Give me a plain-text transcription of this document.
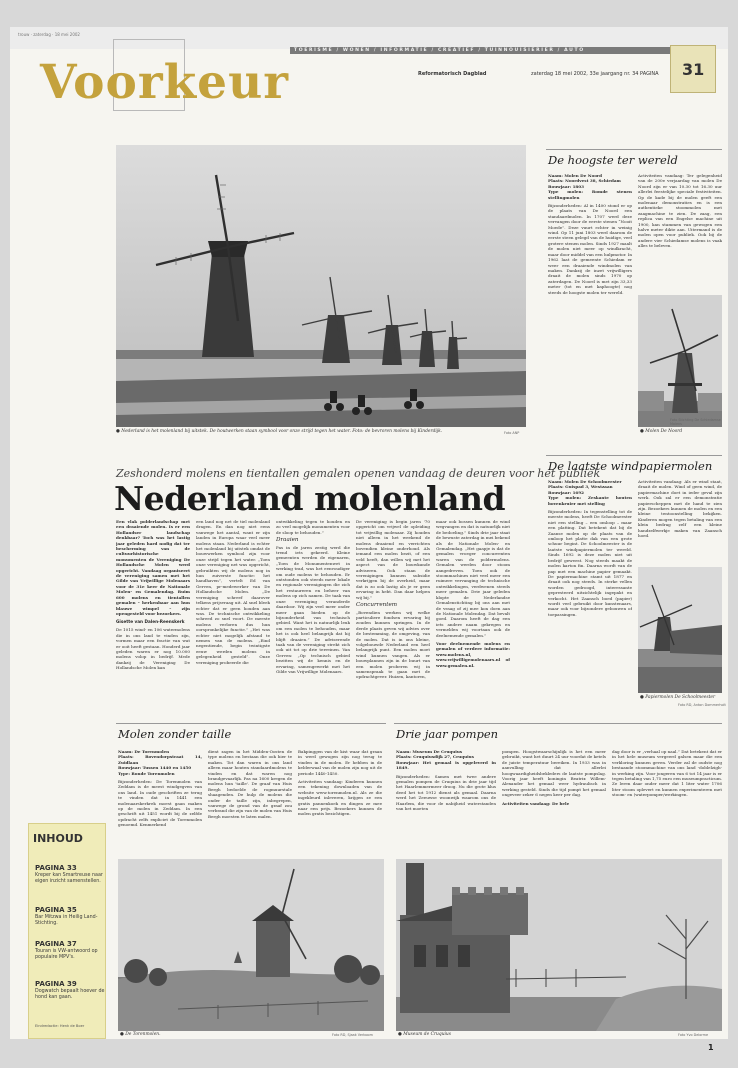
trouw · zaterdag · 18 mei 2002
TOERISME / WONEN / INFORMATIE / CREATIEF / TUINNOUISIERIER / AUTO
Voorkeur	Reformatorisch Dagblad	zaterdag 18 mei 2002, 33e jaargang nr. 34 PAGINA 31
● Nederland is het molenland bij uitstek. De houtwerken staan symbool voor onze strijd tegen het water. Foto: de bevroren molens bij Kinderdijk.	Foto ANP
Zeshonderd molens en tientallen gemalen openen vandaag de deuren voor het publiek
Nederland molenland

Een vlak polderlandschap met een draaiende molen. Is er een Hollandser landschap denkbaar? Toch was het lastig jaar geleden hard nodig dat ter bescherming van de cultuurhistorische monumenten de Vereniging De Hollandsche Molen werd opgericht. Vandaag organiseert de vereniging samen met het Gilde van Vrijwillige Molenaars voor de 31e keer de Nationale Molen- en Gemalendag. Ruim 600 molens en tientallen gemalen – herkenbaar aan hun blauwe wimpel – zijn opengesteld voor bezoekers.

Gisette van Dalen-Reenskerk

De 1015 wind- en 106 watermolens die in ons land te vinden zijn, vormen maar een fractie van wat er ooit heeft gestaan. Honderd jaar geleden waren er nog 10.000 molens volop in bedrijf. Mede dankzij de Vereniging De Hollandsche Molen kan

een land nog net de tiel molenland dragen. En dan nog niet eens vanwege het aantal, want er zijn landen in Europa waar veel meer molens staan. Nederland is echter het molenland bij uitstek omdat de bouwwerken symbool zijn voor onze strijd tegen het water. „Toen onze vereniging net was opgericht, gebruikten wij de molens nog in hun zuiverste functie: het handhaven”, vertelt Ed van Gerven, pr-medewerker van De Hollandsche Molen. „De vereniging schreef daarover telkens prijsvraag uit. Al snel bleek echter dat er geen houden aan was. De technische ontwikkeling schreed zo snel voort. De meeste molens verloren dus hun oorspronkelijke functie.” „Het was echter niet mogelijk afstand te nemen van de molens. „Eind negentiende, begin twintigste eeuw werden molens in gelegenheid gesteld”. Onze vereniging probeerde die

ontwikkeling tegen te houden en zo veel mogelijk monumenten voor de sloop te behouden.”

Draaien

Pas in de jaren zestig werd die trend iets gekeerd. Kleine gemeenten werden de eigenaren, „Toen de Monumentenwet in werking trad, was het eenvoudiger om oude molens te behouden. Er ontstonden ook steeds meer lokale en regionale verenigingen die zich het restaureren en beheer van molens op zich namen. De taak van onze vereniging veranderde daardoor. Wij zijn veel meer onder meer gaan bieden op de bijzonderheid van technisch gebied. Want het is natuurlijk leuk om een molen te behouden, maar het is ook heel belangrijk dat hij blijft draaien.” De adviserende taak van de vereniging strekt zich ook uit tot op drie terreinen. Van Gerven: „Op technisch gebied bezitten wij de kennis en de ervaring, samengewerkt met het Gilde van Vrijwillige Molenaars.

De vereniging is begin jaren '70 opgericht om vrijwel de opleiding tot vrijwillig molenaar. Zij houden niet alleen in het weekend de molens draaiend en verrichten bovendien kleine onderhoud. Als iemand een molen bezit, of een veld heeft, dan willen wij met het aspect van de bouwkunde adviseren. Ook staan de verenigingen kunnen subsidie verkrijgen bij de overheid, maar dat is zo ook lastig als je er geen ervaring in hebt. Dan daar helpen wij bij.”

Concurrentem

„Bovendien werken wij welke particuliere fondsen ervaring bij zouden kunnen springen. In de derde plaats geven wij advies over de bestemming, de omgeving, van de molen. Dat is in ons kleine, volgebouwde Nederland een heel belangrijk punt. Een molen moet wind kunnen vangen. Als er bouwplannen zijn in de buurt van een molen proberen wij in samenspraak te gaan met de opdrachtgever. Huizen, kantoren,

maar ook bossen kunnen de wind wegvangen en dat is natuurlijk niet de bedoeling.” Sinds drie jaar staat de bewuste zaterdag in mei bekend als de Nationale Molen- en Gemalendag. „Het gaapje is dat de gemalen vroeger concurrenten waren van de poldermolens. Gemalen werden door stoom aangedreven. Toen ook de stoommachines niet veel meer een ruimere vervanging de technische ontwikkelingen, verdwenen steeds meer gemalen. Drie jaar geleden klopte de Nederlandse Gemalenstichting bij ons aan met de vraag of zij mee kon doen aan de Nationale Molendag. Dat bevalt goed. Daarom heeft de dag een iets andere naam gekregen en vermelden wij voortaan ook de deelnemende gemalen.”

Voor deelnemende molens en gemalen of verdere informatie: www.molens.nl, www.vrijwilligemolenaars.nl of www.gemalen.nl.

De hoogste ter wereld

Naam: Molen De Noord

Plaats: Noordvest 38, Schiedam

Bouwjaar: 1803

Type molen: Romde stenen stellingmolen

Bijzonderheden: Al in 1400 stond er op de plaats van De Noord een standaardmolen. In 1707 werd deze vervangen door de eerste stenen “Nooit Moede”. Deze vuurt echter in weinig wind. Op 11 juni 1803 werd daarom de eerste steen gelegd van de huidige, veel grotere stenen molen. Sinds 1927 maalt de molen niet meer op windkracht, maar door middel van een hulpmotor. In 1962 laat de gemeente Schiedam er weer een draaiende windmolen van maken. Dankzij de inzet vrijwilligers draait de molen sinds 1970 op zaterdagen. De Noord is met zijn 33,33 meter (tot en met kaphoogte) nog steeds de hoogste molen ter wereld.

Activiteiten vandaag: Ter gelegenheid van de 200e verjaardag van molen De Noord zijn er van 10.30 tot 16.30 uur allerlei feestelijke speciale festiviteiten. Op de kade bij de molen geeft een molenaar demonstraties en is een authentieke stoommolen met zaagmachine te zien. De zaag, een replica van een Engelse machine uit 1900, kan stammen van gewogen een halve meter dikte aan. Uitermand is de molen open voor publiek. Ook bij de andere vier Schiedamse molens is vaak alles te beleven.

● Molen De Noord
Foto Stichting De Schiedamse Molens
De laatste windpapiermolen

Naam: Molen De Schoolmeester

Plaats: Guispad 3, Westzaan

Bouwjaar: 1692

Type molen: Zeskante houten bovenkruier met stelling

Bijzonderheden: In tegenstelling tot de meeste molens, heeft De Schoolmeester niet een stelling – een omloop – maar een platting. Dat betekent dat bij de Zaanse molen op de plaats van de omloop het platte dak van een grote schuur begint. De Schoolmeester is de laatste windpapiermolen ter wereld. Sinds 1692 is deze molen niet uit bedrijf geweest. Nog steeds maakt de molen karton fin. Daarna wordt van de pap met een machine papier gemaakt. De papiermachine stamt uit 1877 en draait ook nog steeds. In sterke vellen worden gedroogd, interessante gepresteerd uitzichtelijk ingepakt en verkocht. Het Zaansch boed (papier) wordt veel gebruikt door kunstenaars, maar ook voor bijzondere gebouwen of toepassingen.

Activiteiten vandaag: Als er wind staat, draait de molen. Wind of geen wind, de papiermachine doet in ieder geval zijn werk. Ook zal er een demonstratie papierscheppen met de hand te zien zijn. Bezoekers kunnen de molen en een kleine tentoonstelling bekijken. Kinderen mogen tegen betaling van een klein bedrag zelf een kleine handzelfwerkje maken van Zaansch hoed.

● Papiermolen De Schoolmeester
Foto RD, Anton Dommerholt
Molen zonder taille

Naam: De Torenmolen

Plaats: Bovendorpstraat 14, Zuidlaan

Bouwjaar: Tussen 1440 en 1450

Type: Ronde Torenmolen

Bijzonderheden: De Torenmolen van Zeddam is de meest windgegven van ons land. In oude geschriften ze terug te vinden dat in 1441 een molenaarskerkrek moest gaan maken op de molen in Zeddam. In een geschrift uit 1451 wordt bij de zelfde opdracht zelfs expliciet de Torenmolen genoemd. Kenmerkend

dient zagen in het Midden-Oosten de type molens en bestaan die ook hier te maken. Tot dan waren in ons land alleen maar houten standaardmolens te vinden en dat waren nog brandgevaarlijk. Pas na 1600 kregen de molens hun 'taille'. De graaf van Huis Bergh bedoelde de rogmuurstale shaagenden. De hulp de molens die onder de taille zijn, inbegrepen, vanwege de grond van de graaf zou verbrand die zijn van de molen van Huis Bergh moesten te laten malen.

Bakpinggen van de kist waar dat graan in werd gewogen zijn nog terug te vinden in de molen. Er hebben in de kelderwaal van de molen zijn nog uit de periode 1440-1450.

Activiteiten vandaag: Kinderen kunnen een tekening downloaden van de website www.torenmolen.nl. Als ze die ingekleurd inleveren, krijgen ze een gratis pannenkoek en dingen ze mee naar een prijs. Bezoekers kunnen de molen gratis bezichtigen.

● De Torenmolen.	Foto RD, Sjaak Verboom
Drie jaar pompen

Naam: Museum De Cruquius

Plaats: Cruquiusdijk 27, Cruquius

Bouwjaar: Het gemaal is opgeleverd in 1849.

Bijzonderheden: Samen met twee andere gemalen pompen de Cruquius in drie jaar tijd het Haarlemmermeer droog. Nu die grote klus deed het tot 1912 dienst als gemaal. Daarna werd het Zeeuwse woonwijk waarom ons de Haarlem, die voor de nabijheid waterstanden van het moeten

pompen. Hoogstwaarschijnlijk is het een meer gebruikt, want het duurt 24 uur voordat de ketels de juiste temperatuur bereiken. In 1933 was in aanvulling dat allerlei hoogwaardigheidsbekleders de laatste pompslag. Voorig jaar heeft koningin Beatrix Willem-Alexander het gemaal weer hydraulisch in werking gesteld. Sinds die tijd pompt het gemaal ongeveer zeker 6 negen keer per dag.

Activiteiten vandaag: De bele

dag door is er „verhaal op naal.” Dat betekent dat er in het hele museum vergeerd galsen maar die een verkloring kunnen geven. Verder zal de oudste nog bestaande stoommachine van ons land -doblelzigh- in werking zijn. Voor jongeren van 6 tot 14 jaar is er tegen betaling van 1,75 euro een museumpracticum. Ze leren daar onder meer dat 1 liter water 1706 liter stoom oplevert en kunnen experimenteren met stoom- en (waterpomper/werkingen.

● Museum de Cruquius	Foto Yvo Delorme
INHOUD
PAGINA 33
Kreper kan Smartreuse naar eigen inzicht samenstellen.
PAGINA 35
Bar Mitzwa in Heilig Land-Stichting.
PAGINA 37
Touran is VW-antwoord op populaire MPV's.
PAGINA 39
Dogwatch bepaalt hoever de hond kan gaan.
Eindredactie: Henk de Boer
1
